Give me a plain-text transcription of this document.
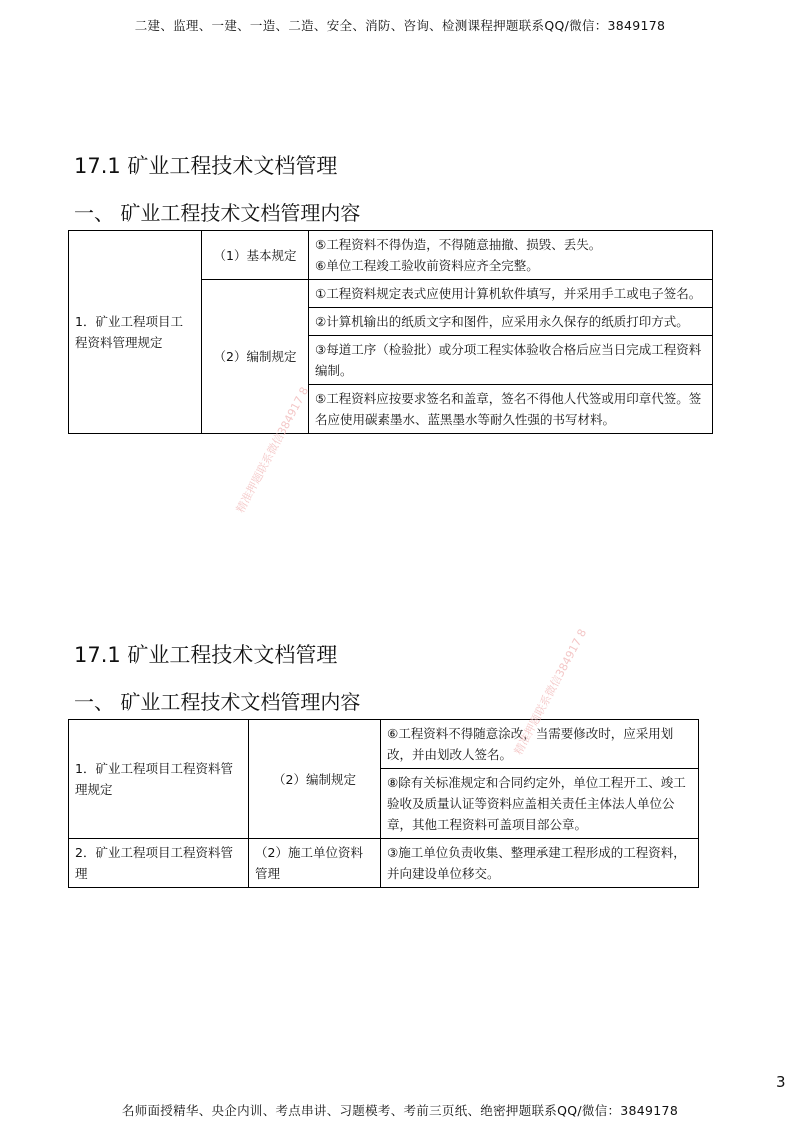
二建、监理、一建、一造、二造、安全、消防、咨询、检测课程押题联系QQ/微信：3849178
17.1 矿业工程技术文档管理
一、 矿业工程技术文档管理内容
1．矿业工程项目工程资料管理规定	（1）基本规定	⑤工程资料不得伪造，不得随意抽撤、损毁、丢失。
⑥单位工程竣工验收前资料应齐全完整。

	（2）编制规定	①工程资料规定表式应使用计算机软件填写，并采用手工或电子签名。
		②计算机输出的纸质文字和图件，应采用永久保存的纸质打印方式。
		③每道工序（检验批）或分项工程实体验收合格后应当日完成工程资料编制。
		⑤工程资料应按要求签名和盖章，签名不得他人代签或用印章代签。签名应使用碳素墨水、蓝黑墨水等耐久性强的书写材料。
精准押题联系微信384917 8
17.1 矿业工程技术文档管理
一、 矿业工程技术文档管理内容
1．矿业工程项目工程资料管理规定	（2）编制规定	⑥工程资料不得随意涂改，当需要修改时，应采用划改，并由划改人签名。
		⑧除有关标准规定和合同约定外，单位工程开工、竣工验收及质量认证等资料应盖相关责任主体法人单位公章，其他工程资料可盖项目部公章。
2．矿业工程项目工程资料管理	（2）施工单位资料管理	③施工单位负责收集、整理承建工程形成的工程资料，并向建设单位移交。
精准押题联系微信384917 8
3
名师面授精华、央企内训、考点串讲、习题模考、考前三页纸、绝密押题联系QQ/微信：3849178
